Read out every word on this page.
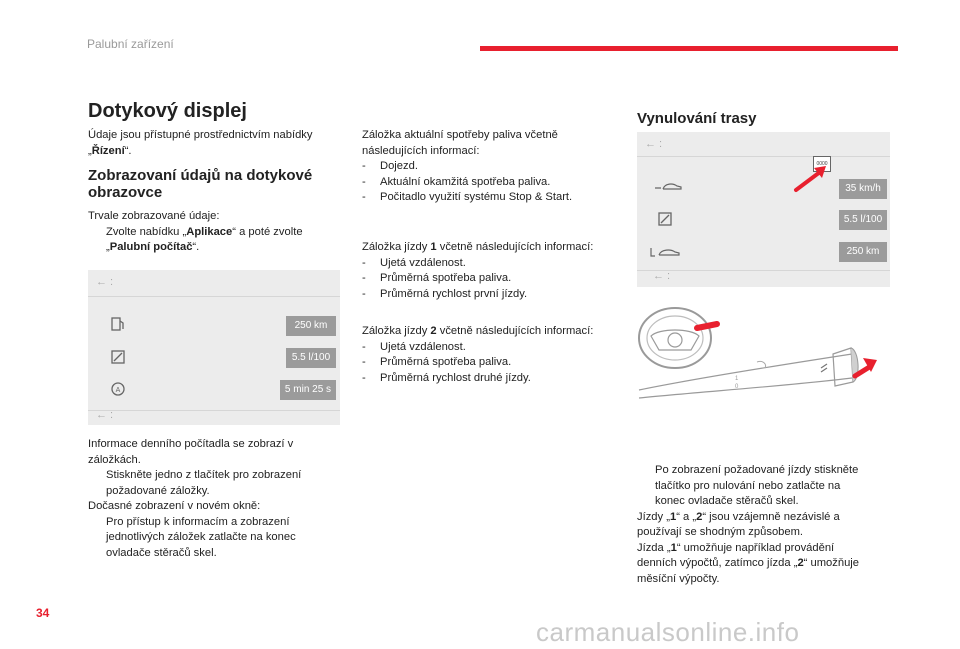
Palubní zařízení
Dotykový displej
Údaje jsou přístupné prostřednictvím nabídky
„Řízení“.
Zobrazovaní údajů na dotykové
obrazovce
Trvale zobrazované údaje:
Zvolte nabídku „Aplikace“ a poté zvolte
„Palubní počítač“.
← :
250 km
5.5 l/100
A	5 min 25 s
← :
Informace denního počítadla se zobrazí v
záložkách.
Stiskněte jedno z tlačítek pro zobrazení
požadované záložky.
Dočasné zobrazení v novém okně:
Pro přístup k informacím a zobrazení
jednotlivých záložek zatlačte na konec
ovladače stěračů skel.
Záložka aktuální spotřeby paliva včetně
následujících informací:
-	Dojezd.
-	Aktuální okamžitá spotřeba paliva.
-	Počitadlo využití systému Stop & Start.
Záložka jízdy 1 včetně následujících informací:
-	Ujetá vzdálenost.
-	Průměrná spotřeba paliva.
-	Průměrná rychlost první jízdy.
Záložka jízdy 2 včetně následujících informací:
-	Ujetá vzdálenost.
-	Průměrná spotřeba paliva.
-	Průměrná rychlost druhé jízdy.
Vynulování trasy
← :
0000
35 km/h
5.5 l/100
250 km
← :
1
0
Po zobrazení požadované jízdy stiskněte
tlačítko pro nulování nebo zatlačte na
konec ovladače stěračů skel.
Jízdy „1“ a „2“ jsou vzájemně nezávislé a
používají se shodným způsobem.
Jízda „1“ umožňuje například provádění
denních výpočtů, zatímco jízda „2“ umožňuje
měsíční výpočty.
34
carmanualsonline.info
